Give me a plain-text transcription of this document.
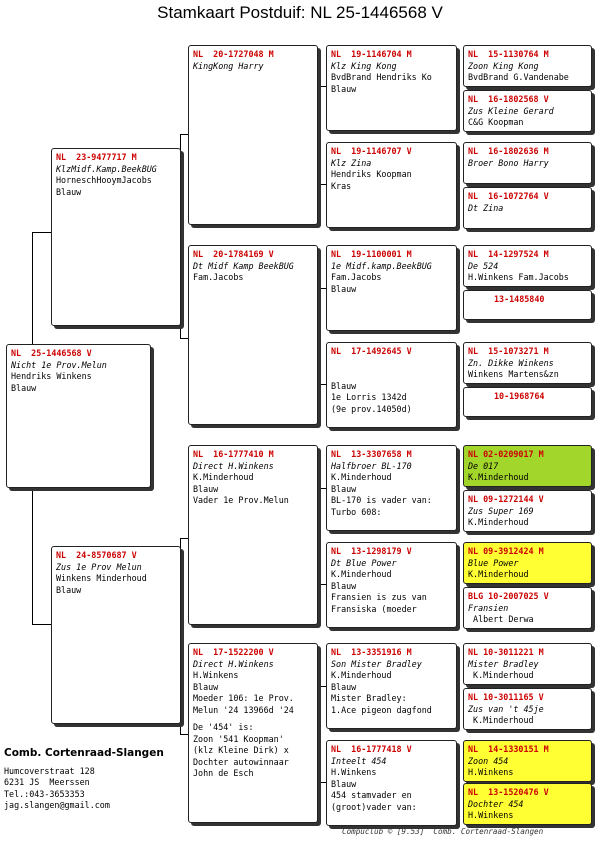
Stamkaart Postduif: NL 25-1446568 V
NL  25-1446568 V
Nicht 1e Prov.Melun
Hendriks Winkens
Blauw
NL  23-9477717 M
KlzMidf.Kamp.BeekBUG
HorneschHooymJacobs
Blauw
NL  24-8570687 V
Zus 1e Prov Melun
Winkens Minderhoud
Blauw
NL  20-1727048 M
KingKong Harry
NL  20-1784169 V
Dt Midf Kamp BeekBUG
Fam.Jacobs
NL  16-1777410 M
Direct H.Winkens
K.Minderhoud
Blauw
Vader 1e Prov.Melun
NL  17-1522200 V
Direct H.Winkens
H.Winkens
Blauw
Moeder 106: 1e Prov.
Melun '24 13966d '24
De '454' is:
Zoon '541 Koopman'
(klz Kleine Dirk) x
Dochter autowinnaar
John de Esch
NL  19-1146704 M
Klz King Kong
BvdBrand Hendriks Ko
Blauw
NL  19-1146707 V
Klz Zina
Hendriks Koopman
Kras
NL  19-1100001 M
1e Midf.kamp.BeekBUG
Fam.Jacobs
Blauw
NL  17-1492645 V
Blauw
1e Lorris 1342d
(9e prov.14050d)
NL  13-3307658 M
Halfbroer BL-170
K.Minderhoud
Blauw
BL-170 is vader van:
Turbo 608:
NL  13-1298179 V
Dt Blue Power
K.Minderhoud
Blauw
Fransien is zus van
Fransiska (moeder
NL  13-3351916 M
Son Mister Bradley
K.Minderhoud
Blauw
Mister Bradley:
1.Ace pigeon dagfond
NL  16-1777418 V
Inteelt 454
H.Winkens
Blauw
454 stamvader en
(groot)vader van:
NL  15-1130764 M
Zoon King Kong
BvdBrand G.Vandenabe
NL  16-1802568 V
Zus Kleine Gerard
C&G Koopman
NL  16-1802636 M
Broer Bono Harry
NL  16-1072764 V
Dt Zina
NL  14-1297524 M
De 524
H.Winkens Fam.Jacobs
13-1485840
NL  15-1073271 M
Zn. Dikke Winkens
Winkens Martens&zn
10-1968764
NL 02-0209017 M
De 017
K.Minderhoud
NL 09-1272144 V
Zus Super 169
K.Minderhoud
NL 09-3912424 M
Blue Power
K.Minderhoud
BLG 10-2007025 V
Fransien
Albert Derwa
NL 10-3011221 M
Mister Bradley
K.Minderhoud
NL 10-3011165 V
Zus van 't 45je
K.Minderhoud
NL  14-1330151 M
Zoon 454
H.Winkens
NL  13-1520476 V
Dochter 454
H.Winkens
Comb. Cortenraad-Slangen
Humcoverstraat 128
6231 JS  Meerssen
Tel.:043-3653353
jag.slangen@gmail.com
Compuclub © [9.53]  Comb. Cortenraad-Slangen
